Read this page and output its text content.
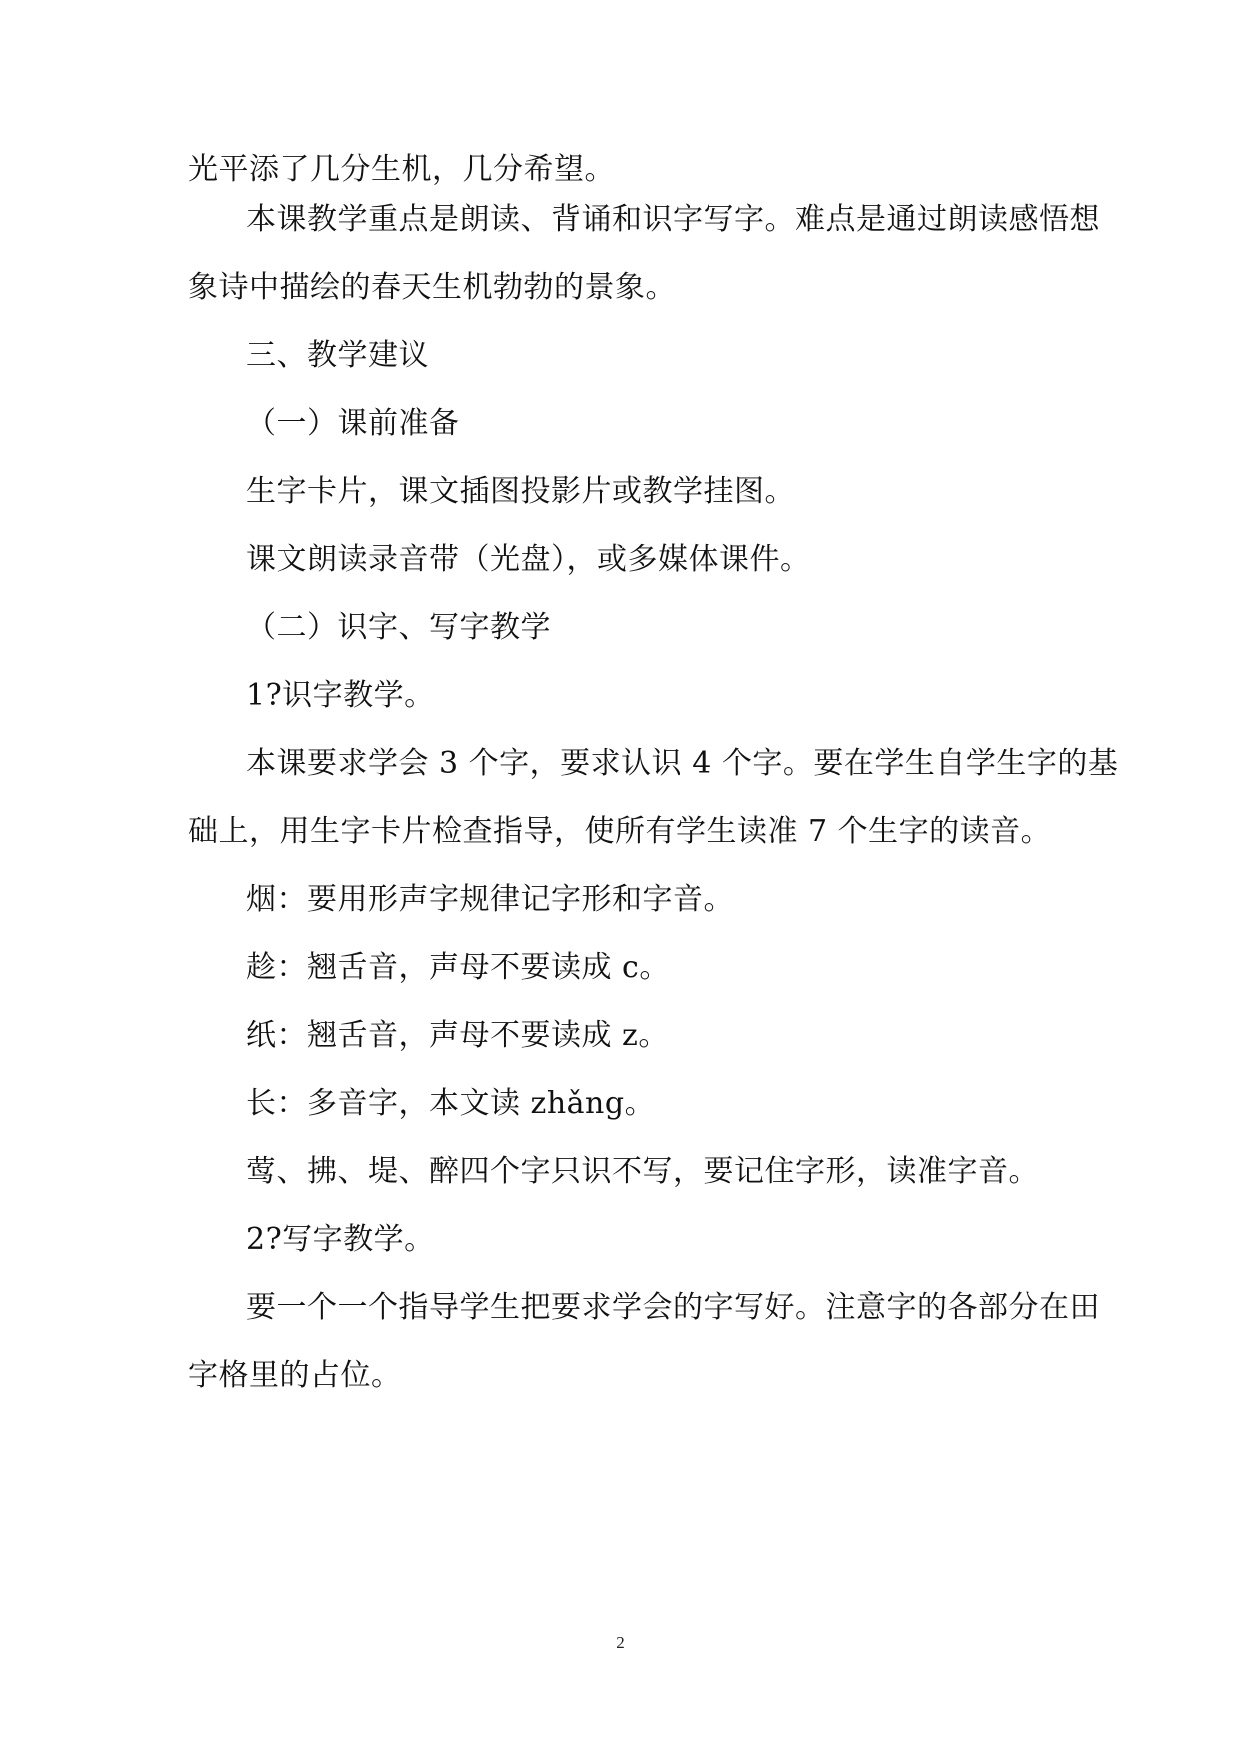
光平添了几分生机，几分希望。
本课教学重点是朗读、背诵和识字写字。难点是通过朗读感悟想
象诗中描绘的春天生机勃勃的景象。
三、教学建议
（一）课前准备
生字卡片，课文插图投影片或教学挂图。
课文朗读录音带（光盘），或多媒体课件。
（二）识字、写字教学
1?识字教学。
本课要求学会 3 个字，要求认识 4 个字。要在学生自学生字的基
础上，用生字卡片检查指导，使所有学生读准 7 个生字的读音。
烟：要用形声字规律记字形和字音。
趁：翘舌音，声母不要读成 c。
纸：翘舌音，声母不要读成 z。
长：多音字，本文读 zhǎng。
莺、拂、堤、醉四个字只识不写，要记住字形，读准字音。
2?写字教学。
要一个一个指导学生把要求学会的字写好。注意字的各部分在田
字格里的占位。
2
